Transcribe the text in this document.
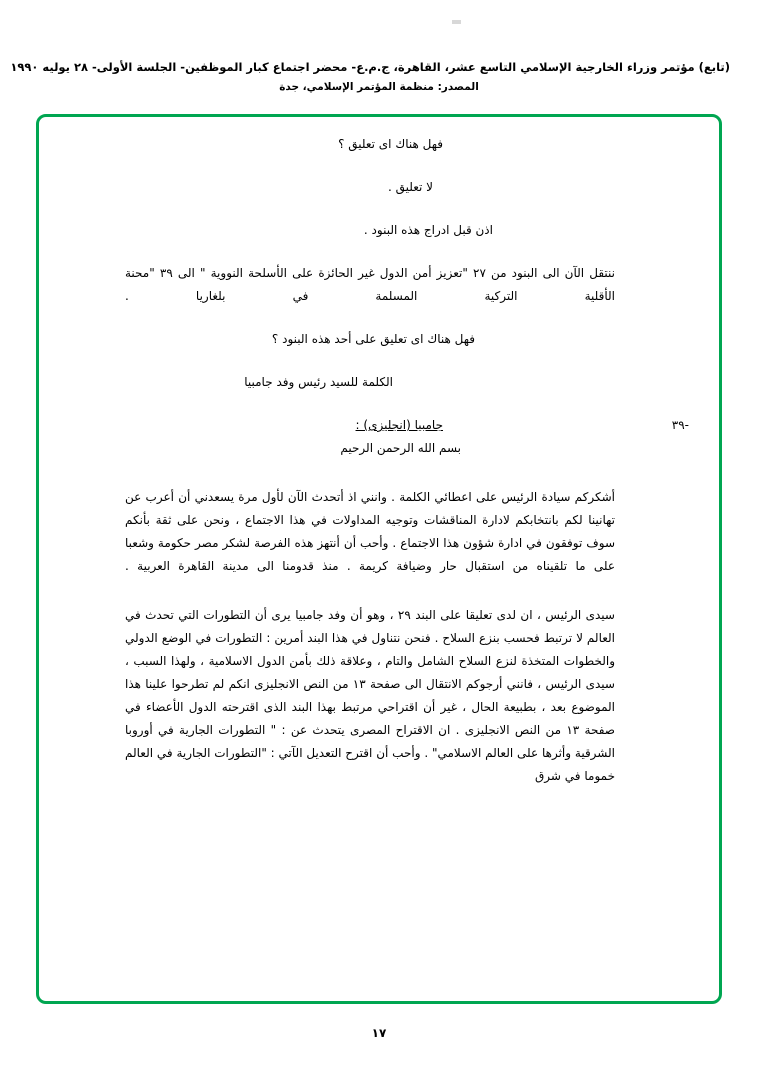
(تابع) مؤتمر وزراء الخارجية الإسلامي التاسع عشر، القاهرة، ج.م.ع- محضر اجتماع كبار الموظفين- الجلسة الأولى- ٢٨ يوليه ١٩٩٠
المصدر: منظمة المؤتمر الإسلامي، جدة
فهل هناك اى تعليق ؟
لا تعليق .
اذن قبل ادراج هذه البنود .
ننتقل الآن الى البنود من ٢٧ "تعزيز أمن الدول غير الحائزة على الأسلحة النووية " الى ٣٩ "محنة الأقلية التركية المسلمة في بلغاريا .
فهل هناك اى تعليق على أحد هذه البنود ؟
الكلمة للسيد رئيس وفد جامبيا
-٣٩
جامبيا (انجليزى) :
بسم الله الرحمن الرحيم
أشكركم سيادة الرئيس على اعطائي الكلمة . وانني اذ أتحدث الآن لأول مرة يسعدني أن أعرب عن تهانينا لكم بانتخابكم لادارة المناقشات وتوجيه المداولات في هذا الاجتماع ، ونحن على ثقة بأنكم سوف توفقون في ادارة شؤون هذا الاجتماع . وأحب أن أنتهز هذه الفرصة لشكر مصر حكومة وشعبا على ما تلقيناه من استقبال حار وضيافة كريمة . منذ قدومنا الى مدينة القاهرة العربية .
سيدى الرئيس ، ان لدى تعليقا على البند ٢٩ ، وهو أن وفد جامبيا يرى أن التطورات التي تحدث في العالم لا ترتبط فحسب بنزع السلاح . فنحن نتناول في هذا البند أمرين : التطورات في الوضع الدولي والخطوات المتخذة لنزع السلاح الشامل والتام ، وعلاقة ذلك بأمن الدول الاسلامية ، ولهذا السبب ، سيدى الرئيس ، فانني أرجوكم الانتقال الى صفحة ١٣ من النص الانجليزى انكم لم تطرحوا علينا هذا الموضوع بعد ، بطبيعة الحال ، غير أن اقتراحي مرتبط بهذا البند الذى اقترحته الدول الأعضاء في صفحة ١٣ من النص الانجليزى . ان الاقتراح المصرى يتحدث عن : " التطورات الجارية في أوروبا الشرقية وأثرها على العالم الاسلامي" . وأحب أن اقترح التعديل الآتي : "التطورات الجارية في العالم خموما في شرق
١٧
